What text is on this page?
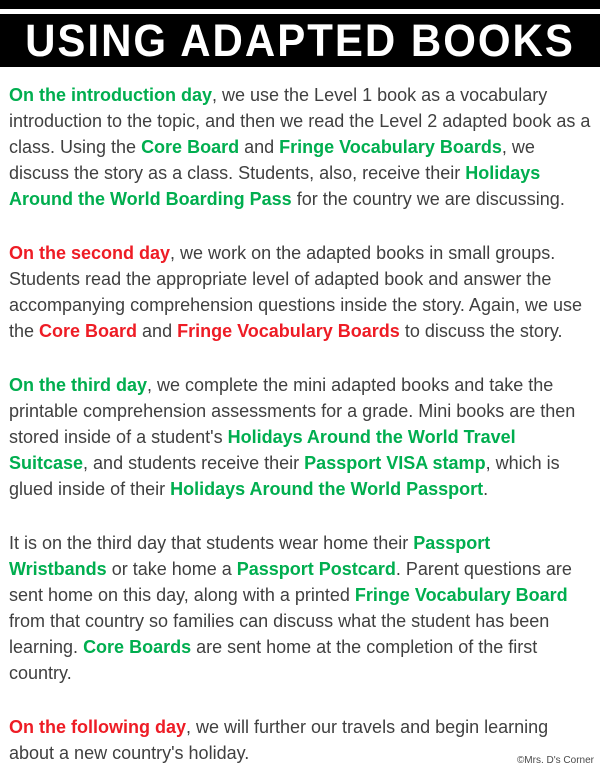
USING ADAPTED BOOKS

On the introduction day, we use the Level 1 book as a vocabulary introduction to the topic, and then we read the Level 2 adapted book as a class. Using the Core Board and Fringe Vocabulary Boards, we discuss the story as a class. Students, also, receive their Holidays Around the World Boarding Pass for the country we are discussing.

On the second day, we work on the adapted books in small groups. Students read the appropriate level of adapted book and answer the accompanying comprehension questions inside the story. Again, we use the Core Board and Fringe Vocabulary Boards to discuss the story.

On the third day, we complete the mini adapted books and take the printable comprehension assessments for a grade. Mini books are then stored inside of a student's Holidays Around the World Travel Suitcase, and students receive their Passport VISA stamp, which is glued inside of their Holidays Around the World Passport.

It is on the third day that students wear home their Passport Wristbands or take home a Passport Postcard. Parent questions are sent home on this day, along with a printed Fringe Vocabulary Board from that country so families can discuss what the student has been learning. Core Boards are sent home at the completion of the first country.

On the following day, we will further our travels and begin learning about a new country's holiday.	©Mrs. D's Corner
